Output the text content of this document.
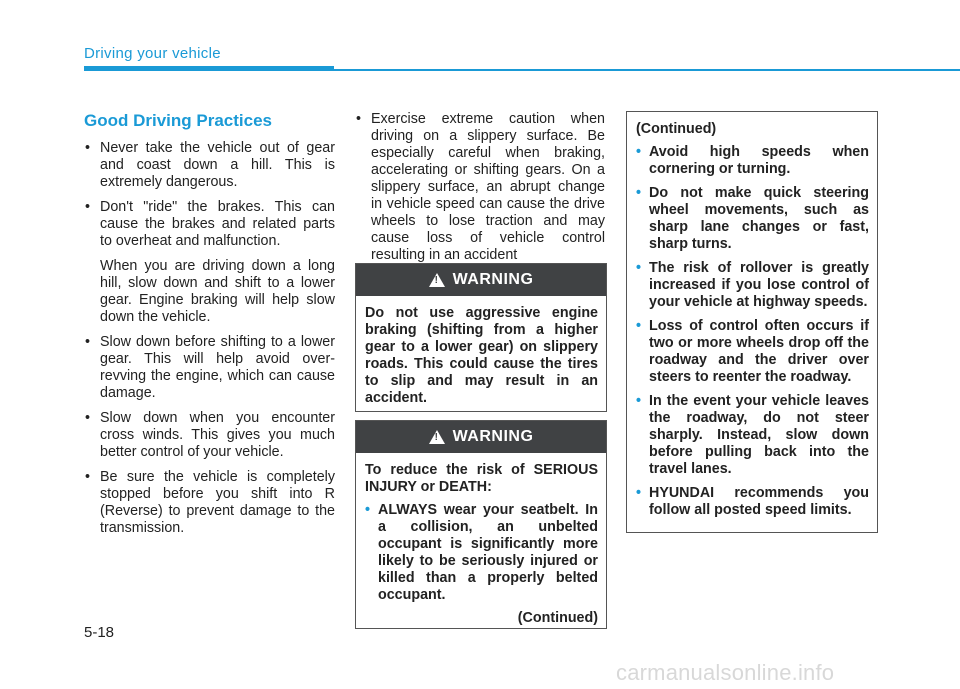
Driving your vehicle
Good Driving Practices
• Never take the vehicle out of gear and coast down a hill. This is extremely dangerous.
• Don't "ride" the brakes. This can cause the brakes and related parts to overheat and malfunction.

When you are driving down a long hill, slow down and shift to a lower gear. Engine braking will help slow down the vehicle.

• Slow down before shifting to a lower gear. This will help avoid over-revving the engine, which can cause damage.
• Slow down when you encounter cross winds. This gives you much better control of your vehicle.
• Be sure the vehicle is completely stopped before you shift into R (Reverse) to prevent damage to the transmission.
• Exercise extreme caution when driving on a slippery surface. Be especially careful when braking, accelerating or shifting gears. On a slippery surface, an abrupt change in vehicle speed can cause the drive wheels to lose traction and may cause loss of vehicle control resulting in an accident
! WARNING
Do not use aggressive engine braking (shifting from a higher gear to a lower gear) on slippery roads. This could cause the tires to slip and may result in an accident.
! WARNING
To reduce the risk of SERIOUS INJURY or DEATH:
• ALWAYS wear your seatbelt. In a collision, an unbelted occupant is significantly more likely to be seriously injured or killed than a properly belted occupant.
(Continued)
(Continued)
• Avoid high speeds when cornering or turning.
• Do not make quick steering wheel movements, such as sharp lane changes or fast, sharp turns.
• The risk of rollover is greatly increased if you lose control of your vehicle at highway speeds.
• Loss of control often occurs if two or more wheels drop off the roadway and the driver over steers to reenter the roadway.
• In the event your vehicle leaves the roadway, do not steer sharply. Instead, slow down before pulling back into the travel lanes.
• HYUNDAI recommends you follow all posted speed limits.
5-18
carmanualsonline.info
